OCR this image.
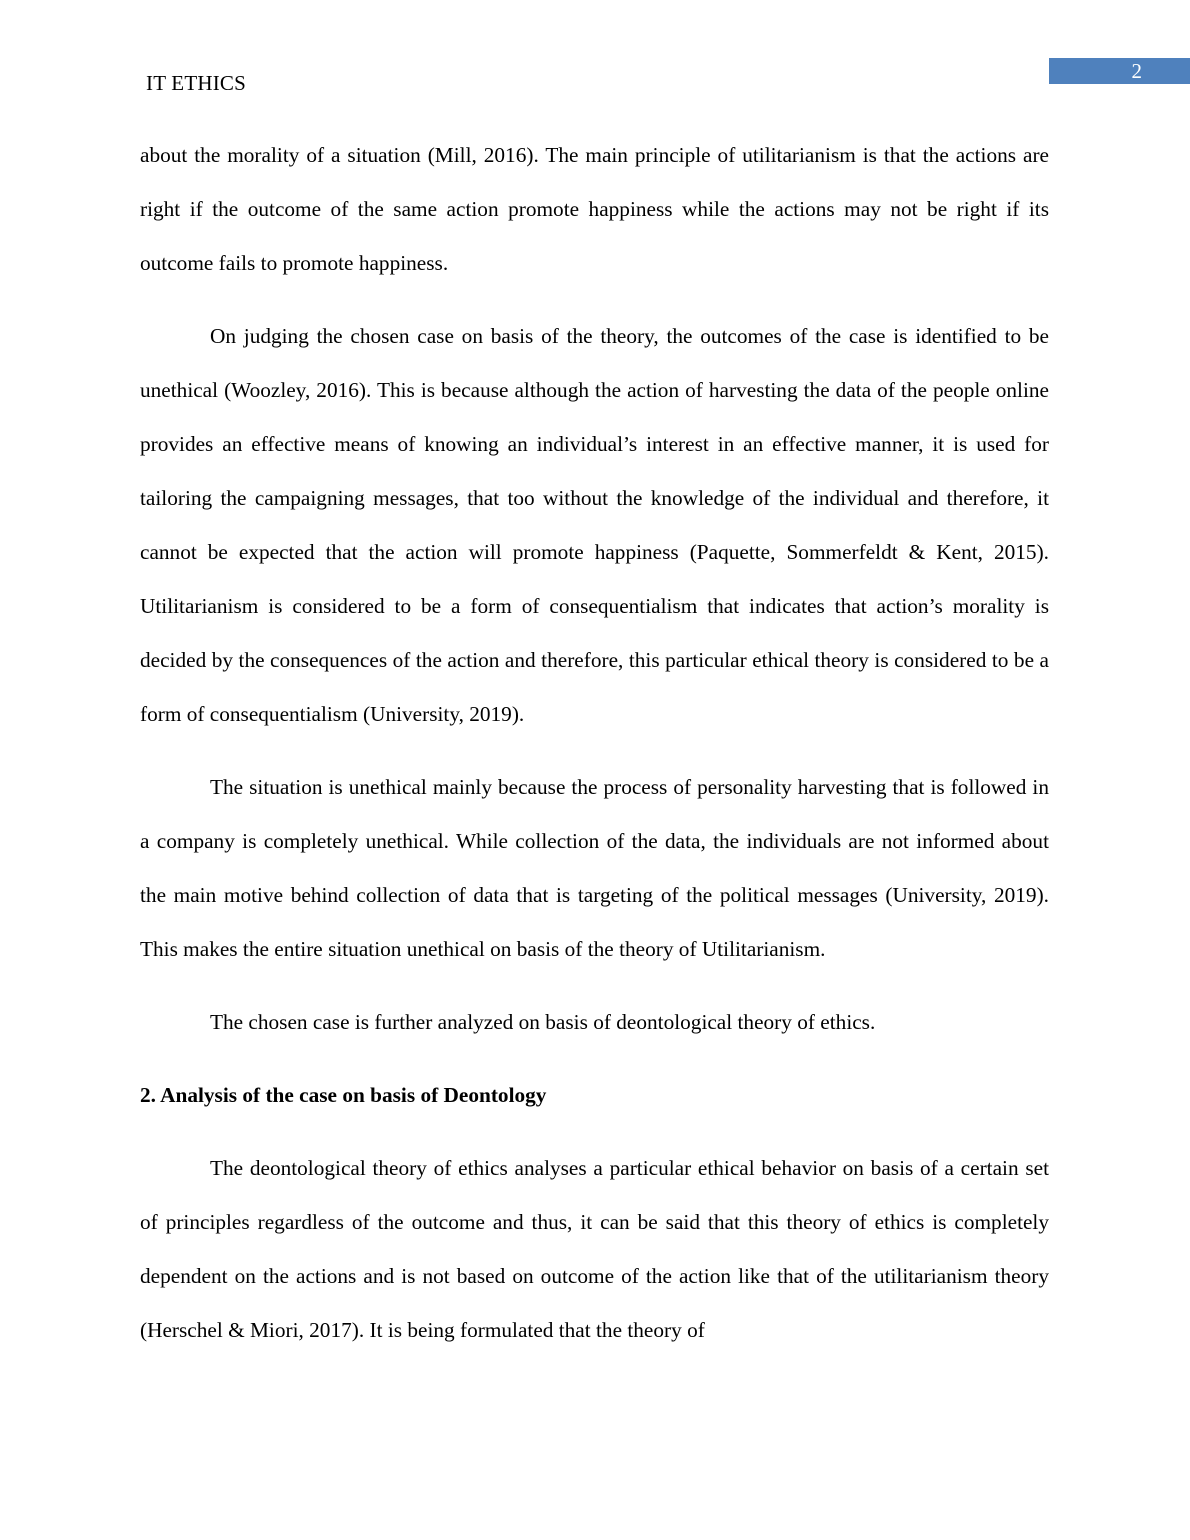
2
IT ETHICS

about the morality of a situation (Mill, 2016). The main principle of utilitarianism is that the actions are right if the outcome of the same action promote happiness while the actions may not be right if its outcome fails to promote happiness.

On judging the chosen case on basis of the theory, the outcomes of the case is identified to be unethical (Woozley, 2016). This is because although the action of harvesting the data of the people online provides an effective means of knowing an individual’s interest in an effective manner, it is used for tailoring the campaigning messages, that too without the knowledge of the individual and therefore, it cannot be expected that the action will promote happiness (Paquette, Sommerfeldt & Kent, 2015). Utilitarianism is considered to be a form of consequentialism that indicates that action’s morality is decided by the consequences of the action and therefore, this particular ethical theory is considered to be a form of consequentialism (University, 2019).

The situation is unethical mainly because the process of personality harvesting that is followed in a company is completely unethical. While collection of the data, the individuals are not informed about the main motive behind collection of data that is targeting of the political messages (University, 2019). This makes the entire situation unethical on basis of the theory of Utilitarianism.

The chosen case is further analyzed on basis of deontological theory of ethics.

2. Analysis of the case on basis of Deontology

The deontological theory of ethics analyses a particular ethical behavior on basis of a certain set of principles regardless of the outcome and thus, it can be said that this theory of ethics is completely dependent on the actions and is not based on outcome of the action like that of the utilitarianism theory (Herschel & Miori, 2017). It is being formulated that the theory of
